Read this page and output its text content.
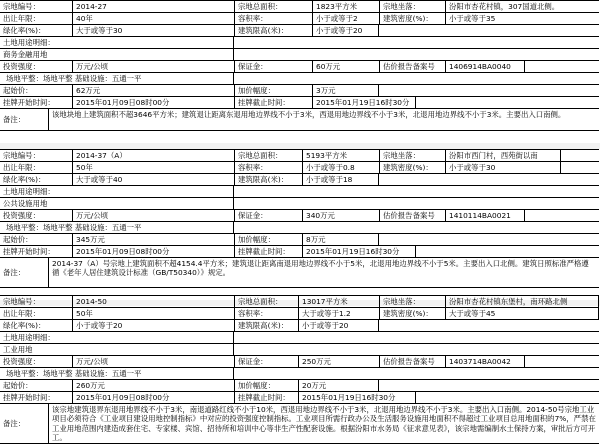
宗地编号：	2014-27	宗地总面积：	1823平方米	宗地坐落：	汾阳市杏花村镇，307国道北侧。
出让年限：	40年	容积率：	小于或等于2	建筑密度(%)：	小于或等于35
绿化率(%)：	大于或等于30	建筑限高(米)：	小于或等于20
土地用途明细：
商务金融用地
投资强度：	万元/公顷	保证金：	60万元	估价报告备案号	1406914BA0040
场地平整： 场地平整
基础设施： 五通一平
起始价：	62万元	加价幅度：	3万元
挂牌开始时间：	2015年01月09日08时00分	挂牌截止时间：	2015年01月19日16时30分
备注：
该地块地上建筑面积不超3646平方米；建筑退让距离东退用地边界线不小于3米，西退用地边界线不小于3米，北退用地边界线不小于3米。主要出入口南侧。
宗地编号：	2014-37（A）	宗地总面积：	5193平方米	宗地坐落：	汾阳市西门村，西苑街以南
出让年限：	50年	容积率：	小于或等于0.8	建筑密度(%)：	小于或等于30
绿化率(%)：	大于或等于40	建筑限高(米)：	小于或等于18
土地用途明细：
公共设施用地
投资强度：	万元/公顷	保证金：	340万元	估价报告备案号	1410114BA0021
场地平整： 场地平整
基础设施： 五通一平
起始价：	345万元	加价幅度：	8万元
挂牌开始时间：	2015年01月09日08时00分	挂牌截止时间：	2015年01月19日16时30分
备注：
2014-37（A）号宗地上建筑面积不超4154.4平方米；建筑退让距离南退用地边界线不小于5米，北退用地边界线不小于5米。主要出入口北侧。建筑日照标准严格遵循《老年人居住建筑设计标准（GB/T50340）》规定。
宗地编号：	2014-50	宗地总面积：	13017平方米	宗地坐落：	汾阳市杏花村镇东堡村，南环路北侧
出让年限：	50年	容积率：	大于或等于1.2	建筑密度(%)：	大于或等于45
绿化率(%)：	小于或等于20	建筑限高(米)：	小于或等于20
土地用途明细：
工业用地
投资强度：	万元/公顷	保证金：	250万元	估价报告备案号	1403714BA0042
场地平整： 场地平整
基础设施： 五通一平
起始价：	260万元	加价幅度：	20万元
挂牌开始时间：	2015年01月09日08时00分	挂牌截止时间：	2015年01月19日16时30分
备注：
该宗地建筑退界东退用地界线不小于3米，南退道路红线不小于10米，西退用地边界线不小于3米，北退用地边界线不小于3米。主要出入口南侧。2014-50号宗地工业项目必须符合《工业项目建设用地控制指标》中对应的投资强度控制指标。工业项目所需行政办公及生活服务设施用地面积不得超过工业项目总用地面积的7%，严禁在工业用地范围内建造成套住宅、专家楼、宾馆、招待所和培训中心等非生产性配套设施。根据汾阳市水务局《征求意见表》，该宗地需编制水土保持方案，审批后方可开工。
